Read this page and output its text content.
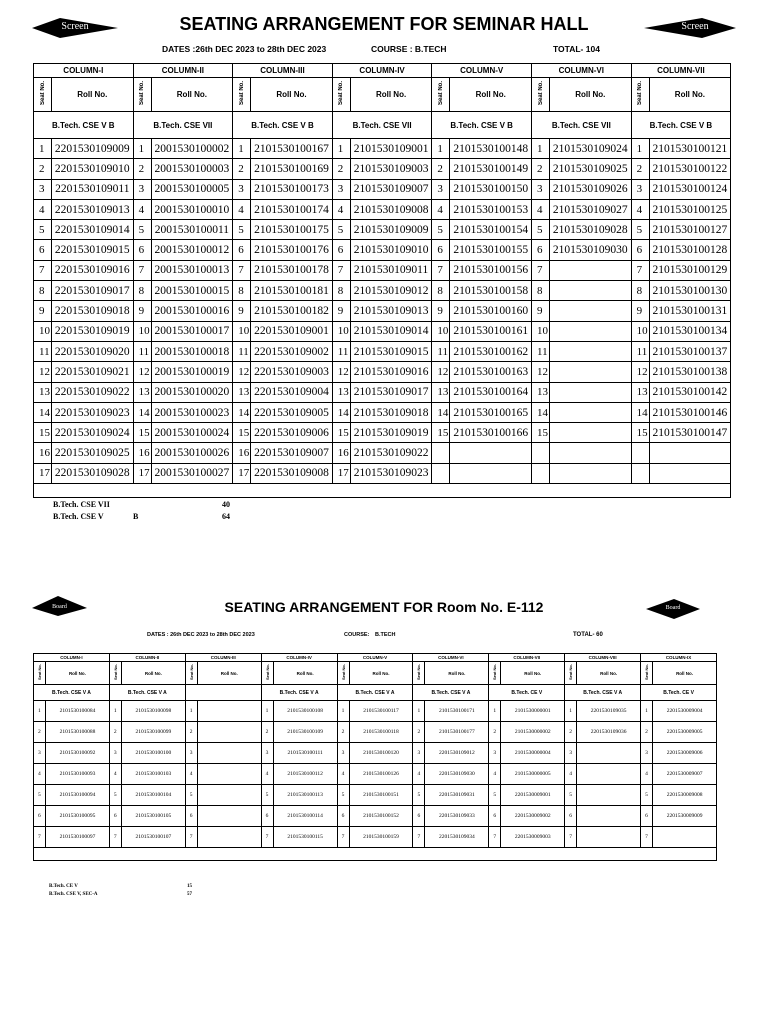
Screen	Screen
SEATING ARRANGEMENT FOR SEMINAR HALL
DATES :26th DEC 2023 to 28th DEC 2023	COURSE : B.TECH	TOTAL- 104
COLUMN-I		COLUMN-II		COLUMN-III		COLUMN-IV		COLUMN-V		COLUMN-VI		COLUMN-VII	
Seat No.	Roll No.	Seat No.	Roll No.	Seat No.	Roll No.	Seat No.	Roll No.	Seat No.	Roll No.	Seat No.	Roll No.	Seat No.	Roll No.
B.Tech. CSE V B		B.Tech. CSE VII		B.Tech. CSE V B		B.Tech. CSE VII		B.Tech. CSE V B		B.Tech. CSE VII		B.Tech. CSE V B	
1	2201530109009	1	2001530100002	1	2101530100167	1	2101530109001	1	2101530100148	1	2101530109024	1	2101530100121
2	2201530109010	2	2001530100003	2	2101530100169	2	2101530109003	2	2101530100149	2	2101530109025	2	2101530100122
3	2201530109011	3	2001530100005	3	2101530100173	3	2101530109007	3	2101530100150	3	2101530109026	3	2101530100124
4	2201530109013	4	2001530100010	4	2101530100174	4	2101530109008	4	2101530100153	4	2101530109027	4	2101530100125
5	2201530109014	5	2001530100011	5	2101530100175	5	2101530109009	5	2101530100154	5	2101530109028	5	2101530100127
6	2201530109015	6	2001530100012	6	2101530100176	6	2101530109010	6	2101530100155	6	2101530109030	6	2101530100128
7	2201530109016	7	2001530100013	7	2101530100178	7	2101530109011	7	2101530100156	7		7	2101530100129
8	2201530109017	8	2001530100015	8	2101530100181	8	2101530109012	8	2101530100158	8		8	2101530100130
9	2201530109018	9	2001530100016	9	2101530100182	9	2101530109013	9	2101530100160	9		9	2101530100131
10	2201530109019	10	2001530100017	10	2201530109001	10	2101530109014	10	2101530100161	10		10	2101530100134
11	2201530109020	11	2001530100018	11	2201530109002	11	2101530109015	11	2101530100162	11		11	2101530100137
12	2201530109021	12	2001530100019	12	2201530109003	12	2101530109016	12	2101530100163	12		12	2101530100138
13	2201530109022	13	2001530100020	13	2201530109004	13	2101530109017	13	2101530100164	13		13	2101530100142
14	2201530109023	14	2001530100023	14	2201530109005	14	2101530109018	14	2101530100165	14		14	2101530100146
15	2201530109024	15	2001530100024	15	2201530109006	15	2101530109019	15	2101530100166	15		15	2101530100147
16	2201530109025	16	2001530100026	16	2201530109007	16	2101530109022						
17	2201530109028	17	2001530100027	17	2201530109008	17	2101530109023						

B.Tech. CSE VII	40
B.Tech. CSE V	B	64
Board	Board
SEATING ARRANGEMENT FOR Room No. E-112
DATES : 26th DEC 2023 to 28th DEC 2023	COURSE: B.TECH	TOTAL- 60
COLUMN-I		COLUMN-II		COLUMN-III		COLUMN-IV		COLUMN-V		COLUMN-VI		COLUMN-VII		COLUMN-VIII		COLUMN-IX	
Seat No.	Roll No.	Seat No.	Roll No.	Seat No.	Roll No.	Seat No.	Roll No.	Seat No.	Roll No.	Seat No.	Roll No.	Seat No.	Roll No.	Seat No.	Roll No.	Seat No.	Roll No.
B.Tech. CSE V A		B.Tech. CSE V A				B.Tech. CSE V A		B.Tech. CSE V A		B.Tech. CSE V A		B.Tech. CE V		B.Tech. CSE V A		B.Tech. CE V	
1	2101530100084	1	2101530100098	1		1	2101530100108	1	2101530100117	1	2101530100171	1	2101530000001	1	2201530109035	1	2201530009004
2	2101530100088	2	2101530100099	2		2	2101530100109	2	2101530100118	2	2101530100177	2	2101530000002	2	2201530109036	2	2201530009005
3	2101530100092	3	2101530100100	3		3	2101530100111	3	2101530100120	3	2201530109012	3	2101530000004	3		3	2201530009006
4	2101530100093	4	2101530100103	4		4	2101530100112	4	2101530100126	4	2201530109030	4	2101530000005	4		4	2201530009007
5	2101530100094	5	2101530100104	5		5	2101530100113	5	2101530100151	5	2201530109031	5	2201530009001	5		5	2201530009008
6	2101530100095	6	2101530100105	6		6	2101530100114	6	2101530100152	6	2201530109033	6	2201530009002	6		6	2201530009009
7	2101530100097	7	2101530100107	7		7	2101530100115	7	2101530100159	7	2201530109034	7	2201530009003	7		7	

B.Tech. CE V	15
B.Tech. CSE V, SEC-A	57
